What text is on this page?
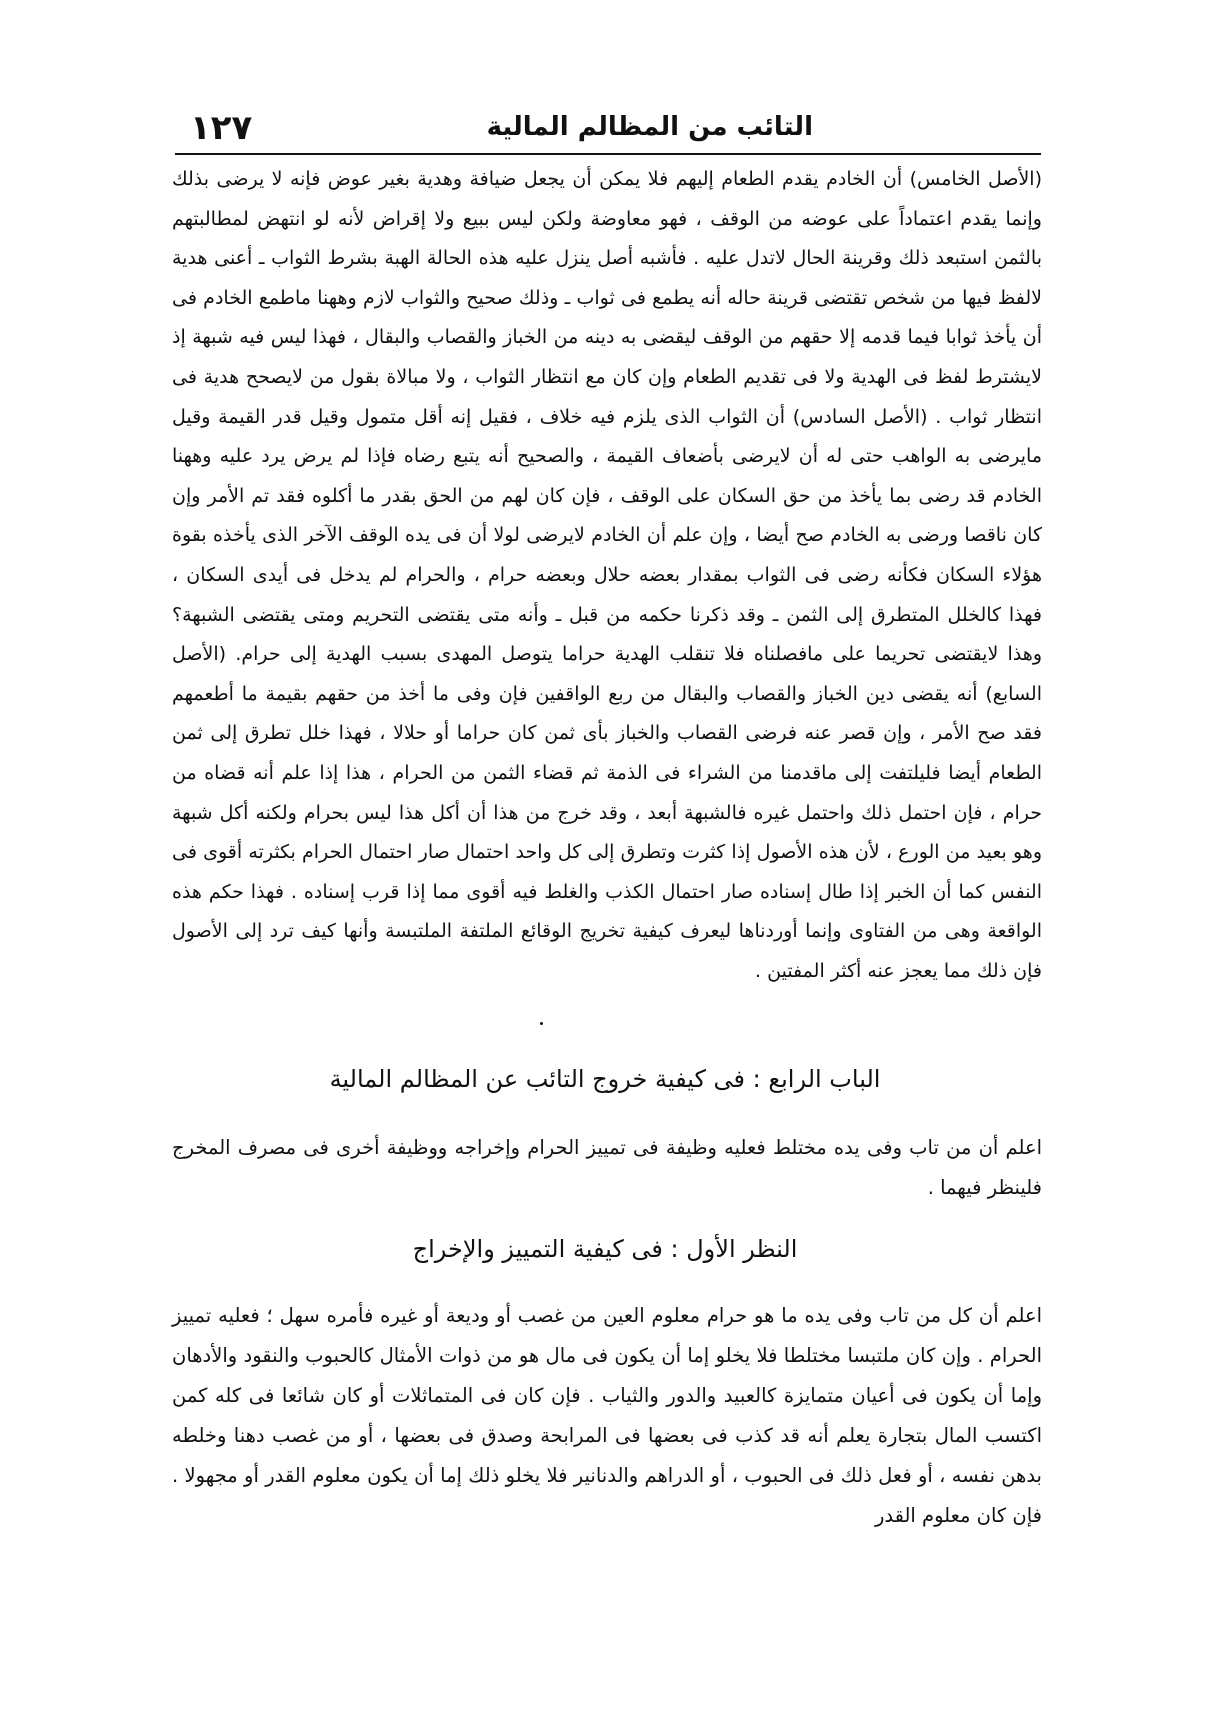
التائب من المظالم المالية
١٢٧
(الأصل الخامس) أن الخادم يقدم الطعام إليهم فلا يمكن أن يجعل ضيافة وهدية بغير عوض فإنه لا يرضى بذلك وإنما يقدم اعتماداً على عوضه من الوقف ، فهو معاوضة ولكن ليس ببيع ولا إقراض لأنه لو انتهض لمطالبتهم بالثمن استبعد ذلك وقرينة الحال لاتدل عليه . فأشبه أصل ينزل عليه هذه الحالة الهبة بشرط الثواب ـ أعنى هدية لالفظ فيها من شخص تقتضى قرينة حاله أنه يطمع فى ثواب ـ وذلك صحيح والثواب لازم وههنا ماطمع الخادم فى أن يأخذ ثوابا فيما قدمه إلا حقهم من الوقف ليقضى به دينه من الخباز والقصاب والبقال ، فهذا ليس فيه شبهة إذ لايشترط لفظ فى الهدية ولا فى تقديم الطعام وإن كان مع انتظار الثواب ، ولا مبالاة بقول من لايصحح هدية فى انتظار ثواب . (الأصل السادس) أن الثواب الذى يلزم فيه خلاف ، فقيل إنه أقل متمول وقيل قدر القيمة وقيل مايرضى به الواهب حتى له أن لايرضى بأضعاف القيمة ، والصحيح أنه يتبع رضاه فإذا لم يرض يرد عليه وههنا الخادم قد رضى بما يأخذ من حق السكان على الوقف ، فإن كان لهم من الحق بقدر ما أكلوه فقد تم الأمر وإن كان ناقصا ورضى به الخادم صح أيضا ، وإن علم أن الخادم لايرضى لولا أن فى يده الوقف الآخر الذى يأخذه بقوة هؤلاء السكان فكأنه رضى فى الثواب بمقدار بعضه حلال وبعضه حرام ، والحرام لم يدخل فى أيدى السكان ، فهذا كالخلل المتطرق إلى الثمن ـ وقد ذكرنا حكمه من قبل ـ وأنه متى يقتضى التحريم ومتى يقتضى الشبهة؟ وهذا لايقتضى تحريما على مافصلناه فلا تنقلب الهدية حراما يتوصل المهدى بسبب الهدية إلى حرام. (الأصل السابع) أنه يقضى دين الخباز والقصاب والبقال من ربع الواقفين فإن وفى ما أخذ من حقهم بقيمة ما أطعمهم فقد صح الأمر ، وإن قصر عنه فرضى القصاب والخباز بأى ثمن كان حراما أو حلالا ، فهذا خلل تطرق إلى ثمن الطعام أيضا فليلتفت إلى ماقدمنا من الشراء فى الذمة ثم قضاء الثمن من الحرام ، هذا إذا علم أنه قضاه من حرام ، فإن احتمل ذلك واحتمل غيره فالشبهة أبعد ، وقد خرج من هذا أن أكل هذا ليس بحرام ولكنه أكل شبهة وهو بعيد من الورع ، لأن هذه الأصول إذا كثرت وتطرق إلى كل واحد احتمال صار احتمال الحرام بكثرته أقوى فى النفس كما أن الخبر إذا طال إسناده صار احتمال الكذب والغلط فيه أقوى مما إذا قرب إسناده . فهذا حكم هذه الواقعة وهى من الفتاوى وإنما أوردناها ليعرف كيفية تخريج الوقائع الملتفة الملتبسة وأنها كيف ترد إلى الأصول فإن ذلك مما يعجز عنه أكثر المفتين .
الباب الرابع : فى كيفية خروج التائب عن المظالم المالية
اعلم أن من تاب وفى يده مختلط فعليه وظيفة فى تمييز الحرام وإخراجه ووظيفة أخرى فى مصرف المخرج فلينظر فيهما .
النظر الأول : فى كيفية التمييز والإخراج
اعلم أن كل من تاب وفى يده ما هو حرام معلوم العين من غصب أو وديعة أو غيره فأمره سهل ؛ فعليه تمييز الحرام . وإن كان ملتبسا مختلطا فلا يخلو إما أن يكون فى مال هو من ذوات الأمثال كالحبوب والنقود والأدهان وإما أن يكون فى أعيان متمايزة كالعبيد والدور والثياب . فإن كان فى المتماثلات أو كان شائعا فى كله كمن اكتسب المال بتجارة يعلم أنه قد كذب فى بعضها فى المرابحة وصدق فى بعضها ، أو من غصب دهنا وخلطه بدهن نفسه ، أو فعل ذلك فى الحبوب ، أو الدراهم والدنانير فلا يخلو ذلك إما أن يكون معلوم القدر أو مجهولا . فإن كان معلوم القدر
